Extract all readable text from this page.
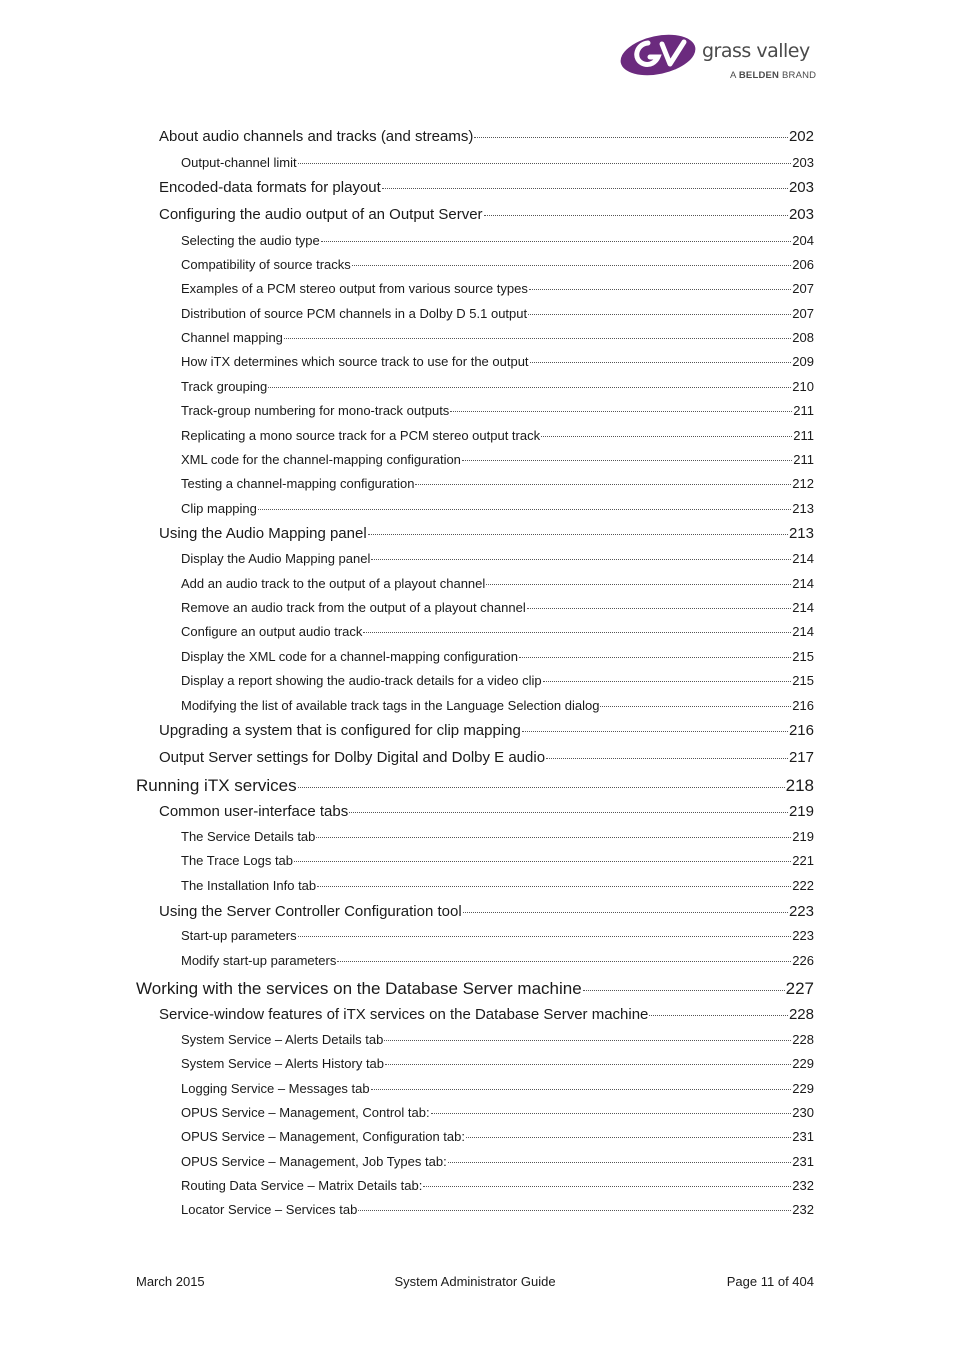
grass valley
A BELDEN BRAND
About audio channels and tracks (and streams)	202
Output-channel limit	203
Encoded-data formats for playout	203
Configuring the audio output of an Output Server	203
Selecting the audio type	204
Compatibility of source tracks	206
Examples of a PCM stereo output from various source types	207
Distribution of source PCM channels in a Dolby D 5.1 output	207
Channel mapping	208
How iTX determines which source track to use for the output	209
Track grouping	210
Track-group numbering for mono-track outputs	211
Replicating a mono source track for a PCM stereo output track	211
XML code for the channel-mapping configuration	211
Testing a channel-mapping configuration	212
Clip mapping	213
Using the Audio Mapping panel	213
Display the Audio Mapping panel	214
Add an audio track to the output of a playout channel	214
Remove an audio track from the output of a playout channel	214
Configure an output audio track	214
Display the XML code for a channel-mapping configuration	215
Display a report showing the audio-track details for a video clip	215
Modifying the list of available track tags in the Language Selection dialog	216
Upgrading a system that is configured for clip mapping	216
Output Server settings for Dolby Digital and Dolby E audio	217
Running iTX services	218
Common user-interface tabs	219
The Service Details tab	219
The Trace Logs tab	221
The Installation Info tab	222
Using the Server Controller Configuration tool	223
Start-up parameters	223
Modify start-up parameters	226
Working with the services on the Database Server machine	227
Service-window features of iTX services on the Database Server machine	228
System Service – Alerts Details tab	228
System Service – Alerts History tab	229
Logging Service – Messages tab	229
OPUS Service – Management, Control tab:	230
OPUS Service – Management, Configuration tab:	231
OPUS Service – Management, Job Types tab:	231
Routing Data Service – Matrix Details tab:	232
Locator Service – Services tab	232
March 2015	System Administrator Guide	Page 11 of 404
